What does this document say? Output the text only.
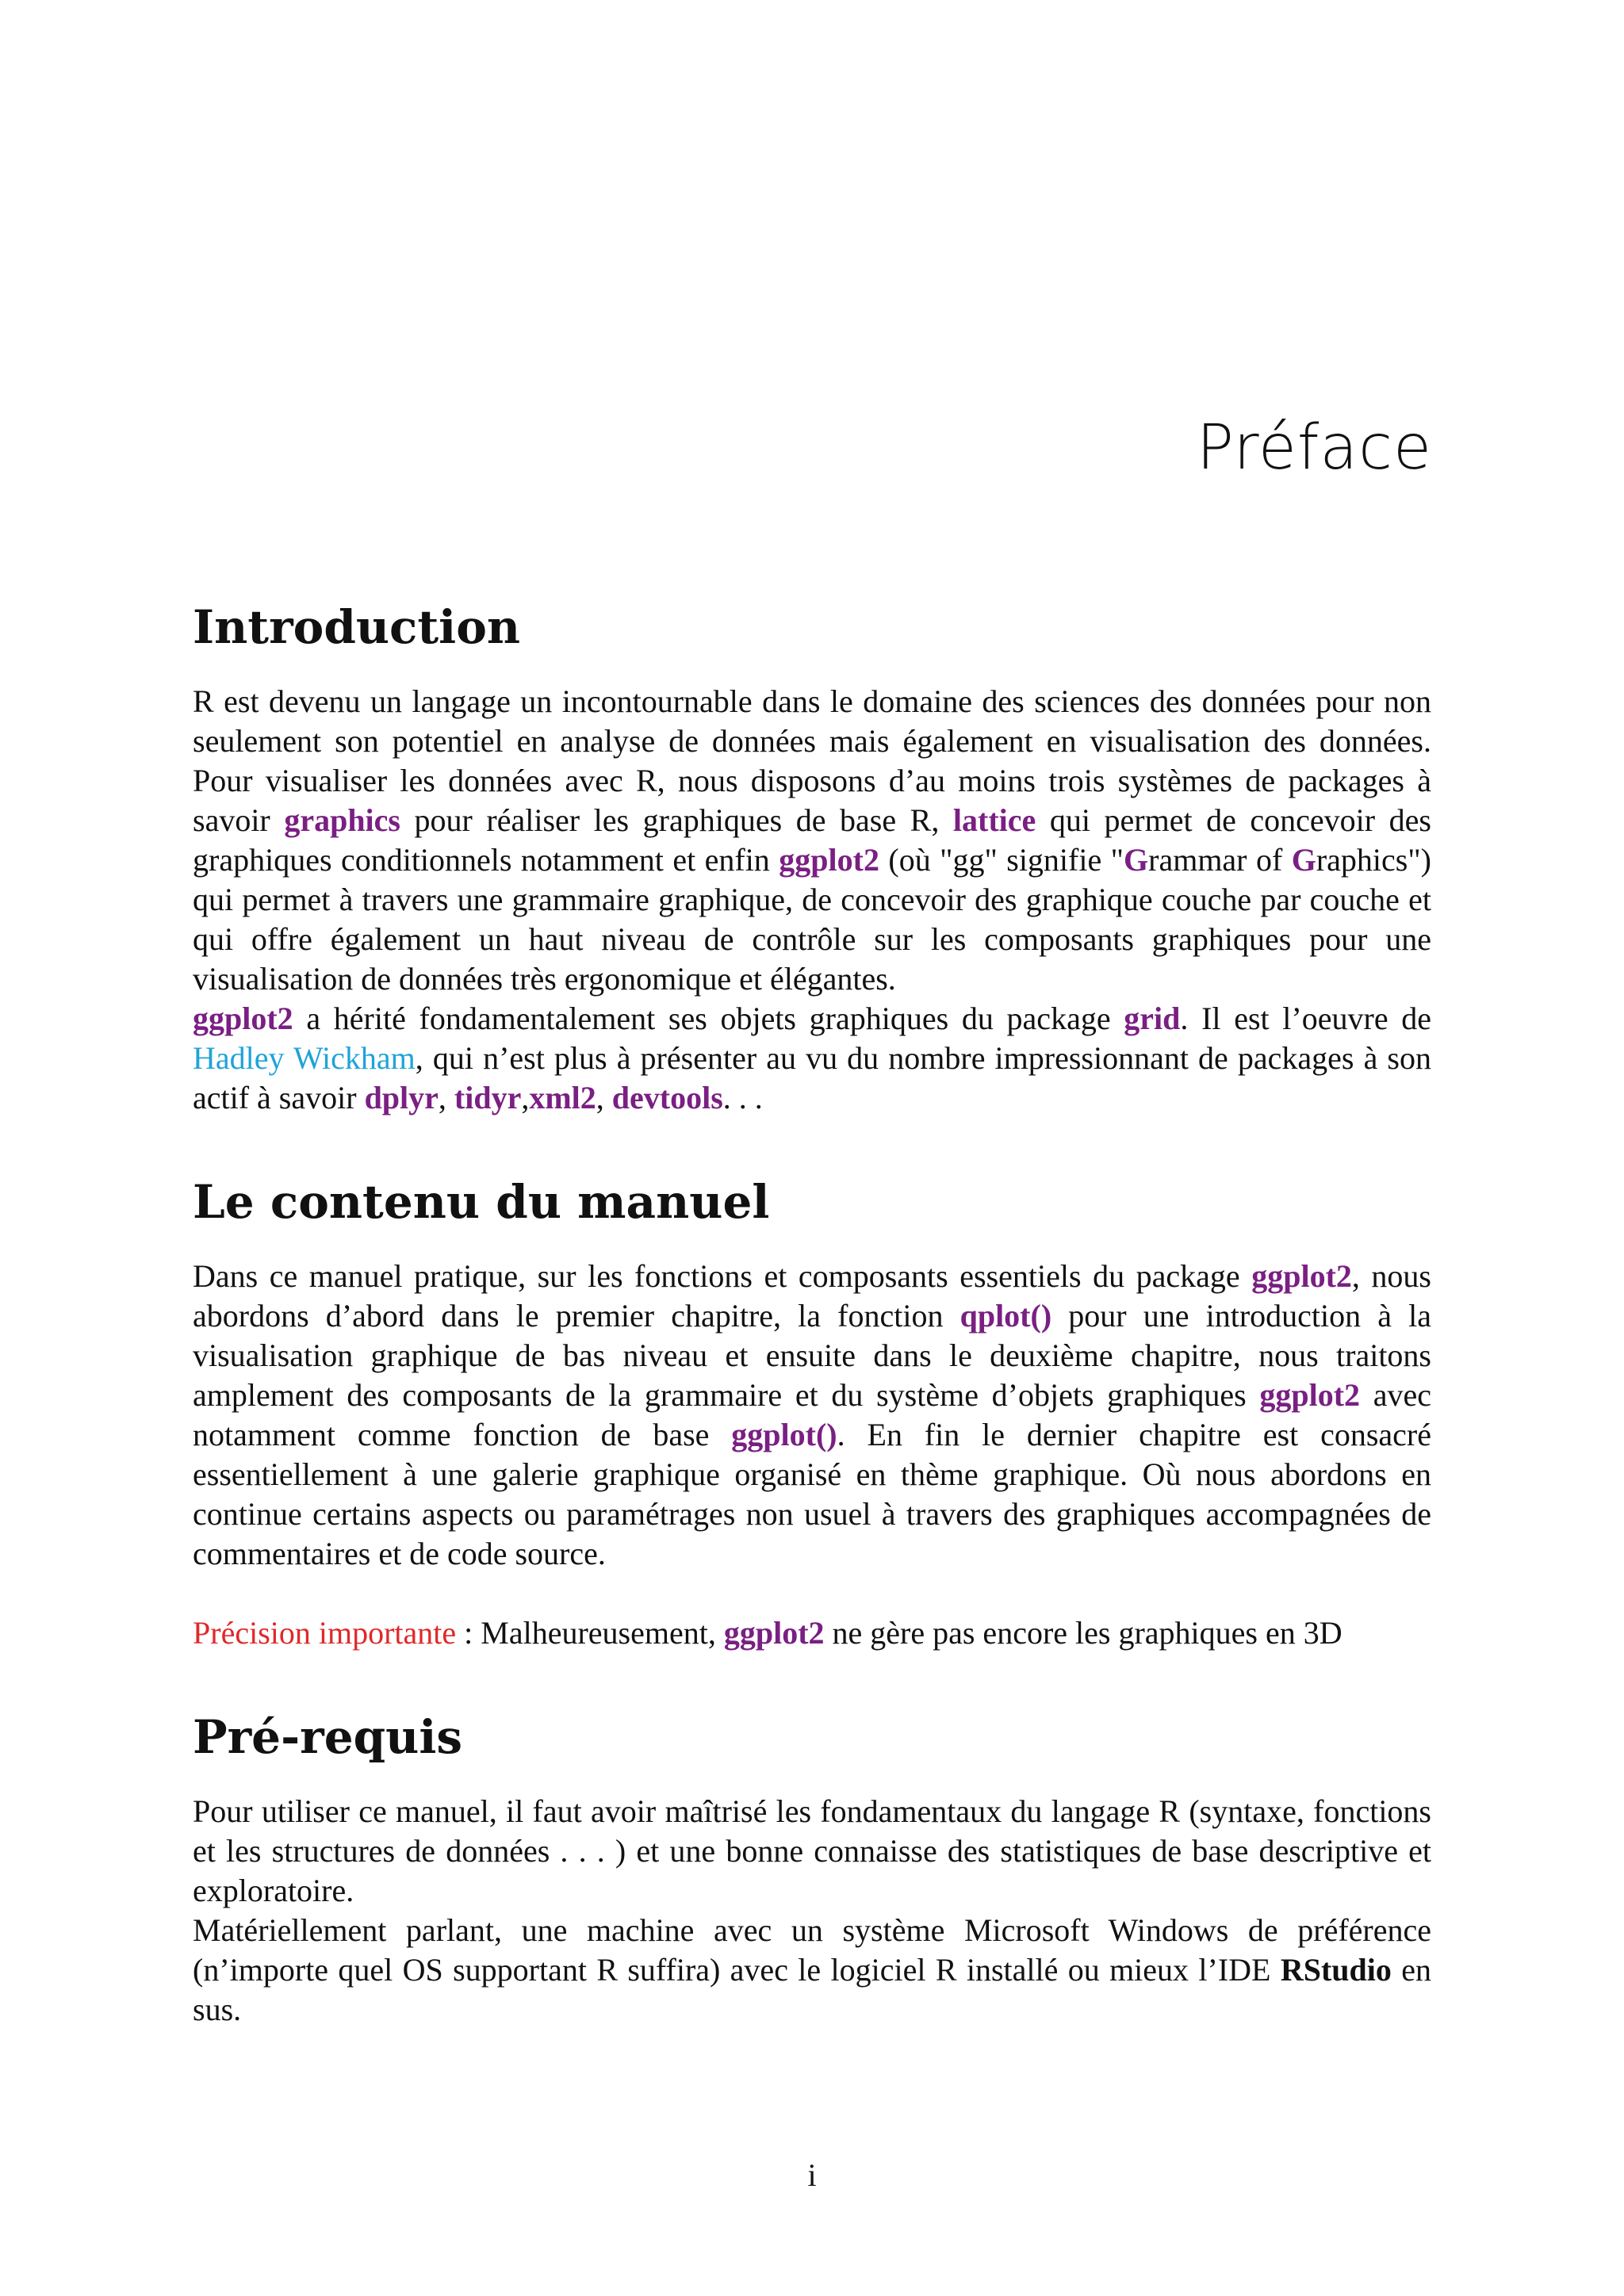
Préface
Introduction

R est devenu un langage un incontournable dans le domaine des sciences des données pour non seulement son potentiel en analyse de données mais également en visualisation des données. Pour visualiser les données avec R, nous disposons d’au moins trois systèmes de packages à savoir graphics pour réaliser les graphiques de base R, lattice qui permet de concevoir des graphiques conditionnels notamment et enfin ggplot2 (où "gg" signifie "Grammar of Graphics") qui permet à travers une grammaire graphique, de concevoir des graphique couche par couche et qui offre également un haut niveau de contrôle sur les composants graphiques pour une visualisation de données très ergonomique et élégantes.

ggplot2 a hérité fondamentalement ses objets graphiques du package grid. Il est l’oeuvre de Hadley Wickham, qui n’est plus à présenter au vu du nombre impressionnant de packages à son actif à savoir dplyr, tidyr,xml2, devtools. . .

Le contenu du manuel

Dans ce manuel pratique, sur les fonctions et composants essentiels du package ggplot2, nous abordons d’abord dans le premier chapitre, la fonction qplot() pour une introduction à la visualisation graphique de bas niveau et ensuite dans le deuxième chapitre, nous traitons amplement des composants de la grammaire et du système d’objets graphiques ggplot2 avec notamment comme fonction de base ggplot(). En fin le dernier chapitre est consacré essentiellement à une galerie graphique organisé en thème graphique. Où nous abordons en continue certains aspects ou paramétrages non usuel à travers des graphiques accompagnées de commentaires et de code source.

Précision importante : Malheureusement, ggplot2 ne gère pas encore les graphiques en 3D

Pré-requis

Pour utiliser ce manuel, il faut avoir maîtrisé les fondamentaux du langage R (syntaxe, fonctions et les structures de données . . . ) et une bonne connaisse des statistiques de base descriptive et exploratoire.

Matériellement parlant, une machine avec un système Microsoft Windows de préférence (n’importe quel OS supportant R suffira) avec le logiciel R installé ou mieux l’IDE RStudio en sus.

i
